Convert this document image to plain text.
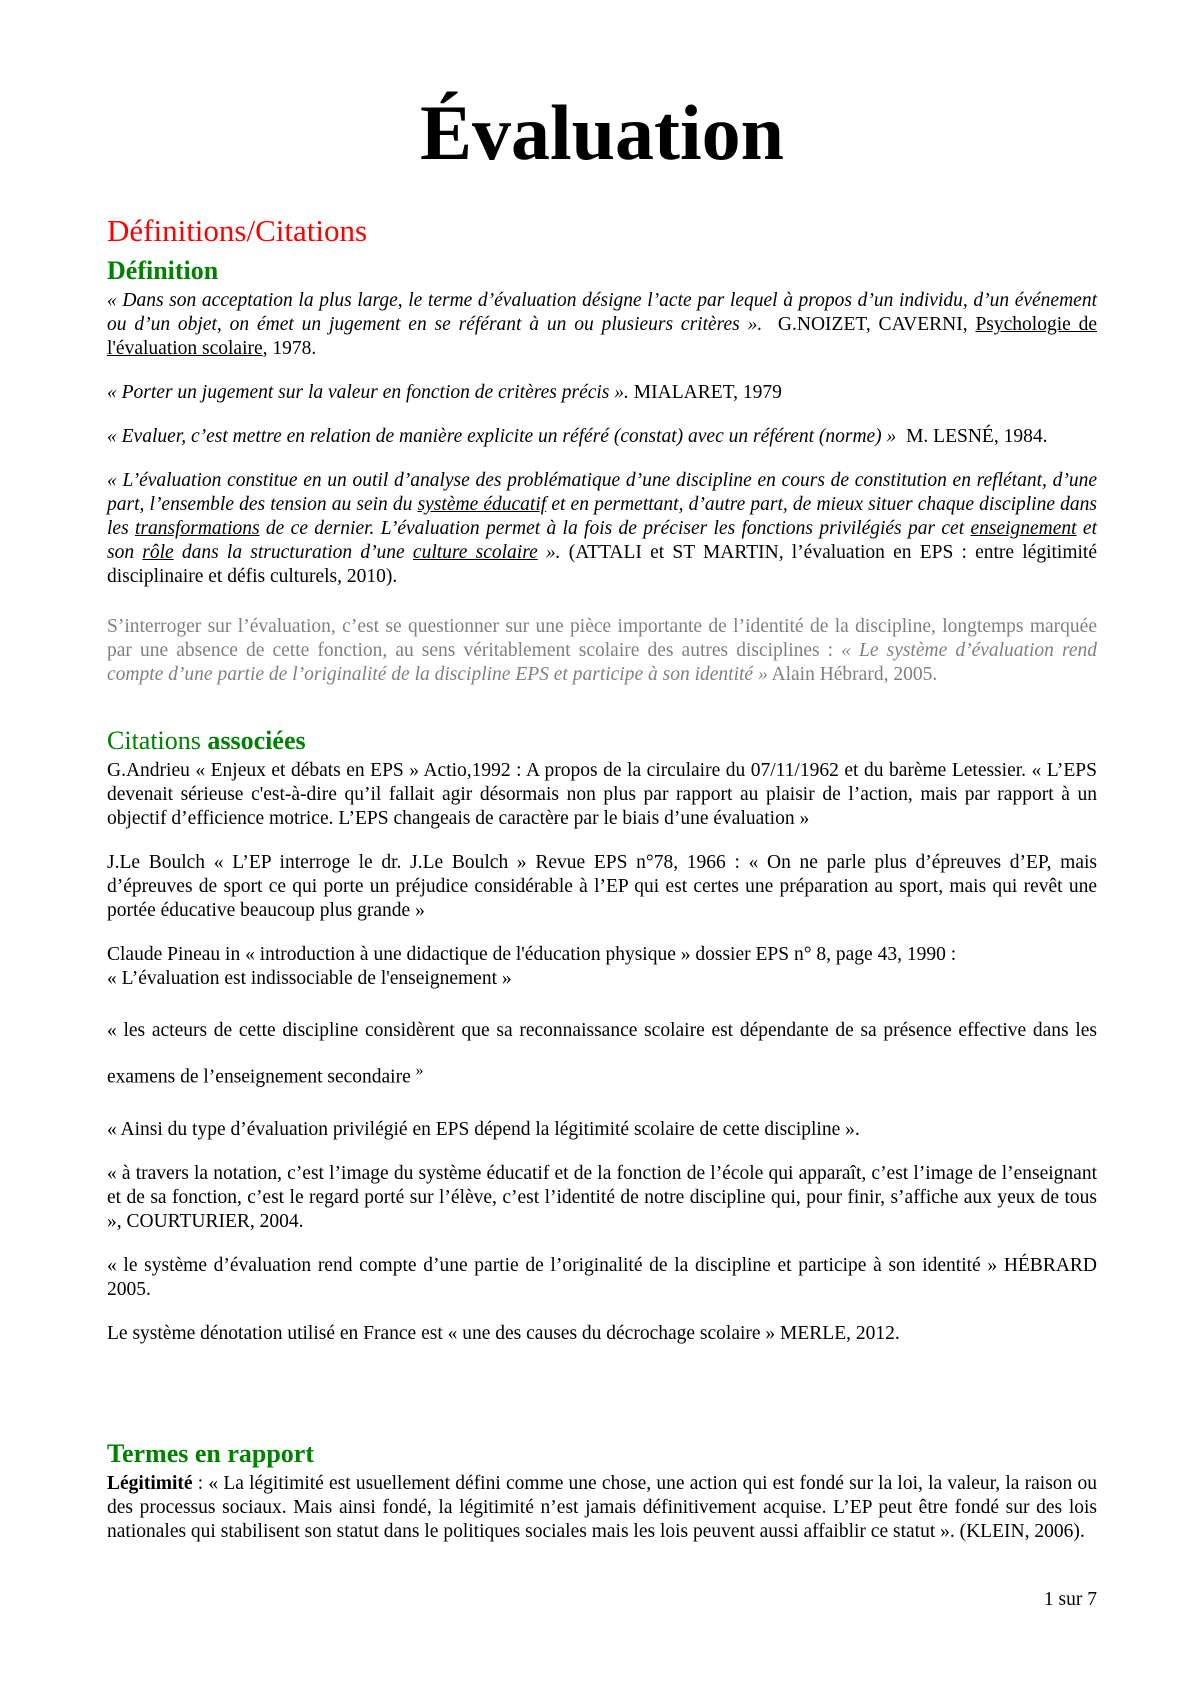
Évaluation
Définitions/Citations
Définition

« Dans son acceptation la plus large, le terme d’évaluation désigne l’acte par lequel à propos d’un individu, d’un événement ou d’un objet, on émet un jugement en se référant à un ou plusieurs critères ».  G.NOIZET, CAVERNI, Psychologie de l'évaluation scolaire, 1978.

« Porter un jugement sur la valeur en fonction de critères précis ». MIALARET, 1979

« Evaluer, c’est mettre en relation de manière explicite un référé (constat) avec un référent (norme) »  M. LESNÉ, 1984.

« L’évaluation constitue en un outil d’analyse des problématique d’une discipline en cours de constitution en reflétant, d’une part, l’ensemble des tension au sein du système éducatif et en permettant, d’autre part, de mieux situer chaque discipline dans les transformations de ce dernier. L’évaluation permet à la fois de préciser les fonctions privilégiés par cet enseignement et son rôle dans la structuration d’une culture scolaire ». (ATTALI et ST MARTIN, l’évaluation en EPS : entre légitimité disciplinaire et défis culturels, 2010).

S’interroger sur l’évaluation, c’est se questionner sur une pièce importante de l’identité de la discipline, longtemps marquée par une absence de cette fonction, au sens véritablement scolaire des autres disciplines : « Le système d’évaluation rend compte d’une partie de l’originalité de la discipline EPS et participe à son identité » Alain Hébrard, 2005.

Citations associées

G.Andrieu « Enjeux et débats en EPS » Actio,1992 : A propos de la circulaire du 07/11/1962 et du barème Letessier. « L’EPS devenait sérieuse c'est-à-dire qu’il fallait agir désormais non plus par rapport au plaisir de l’action, mais par rapport à un objectif d’efficience motrice. L’EPS changeais de caractère par le biais d’une évaluation »

J.Le Boulch « L’EP interroge le dr. J.Le Boulch » Revue EPS n°78, 1966 : « On ne parle plus d’épreuves d’EP, mais d’épreuves de sport ce qui porte un préjudice considérable à l’EP qui est certes une préparation au sport, mais qui revêt une portée éducative beaucoup plus grande »

Claude Pineau in « introduction à une didactique de l'éducation physique » dossier EPS n° 8, page 43, 1990 :
« L’évaluation est indissociable de l'enseignement »

« les acteurs de cette discipline considèrent que sa reconnaissance scolaire est dépendante de sa présence effective dans les examens de l’enseignement secondaire »

« Ainsi du type d’évaluation privilégié en EPS dépend la légitimité scolaire de cette discipline ».

« à travers la notation, c’est l’image du système éducatif et de la fonction de l’école qui apparaît, c’est l’image de l’enseignant et de sa fonction, c’est le regard porté sur l’élève, c’est l’identité de notre discipline qui, pour finir, s’affiche aux yeux de tous », COURTURIER, 2004.

« le système d’évaluation rend compte d’une partie de l’originalité de la discipline et participe à son identité » HÉBRARD 2005.

Le système dénotation utilisé en France est « une des causes du décrochage scolaire » MERLE, 2012.

Termes en rapport

Légitimité : « La légitimité est usuellement défini comme une chose, une action qui est fondé sur la loi, la valeur, la raison ou des processus sociaux. Mais ainsi fondé, la légitimité n’est jamais définitivement acquise. L’EP peut être fondé sur des lois nationales qui stabilisent son statut dans le politiques sociales mais les lois peuvent aussi affaiblir ce statut ». (KLEIN, 2006).

1 sur 7
